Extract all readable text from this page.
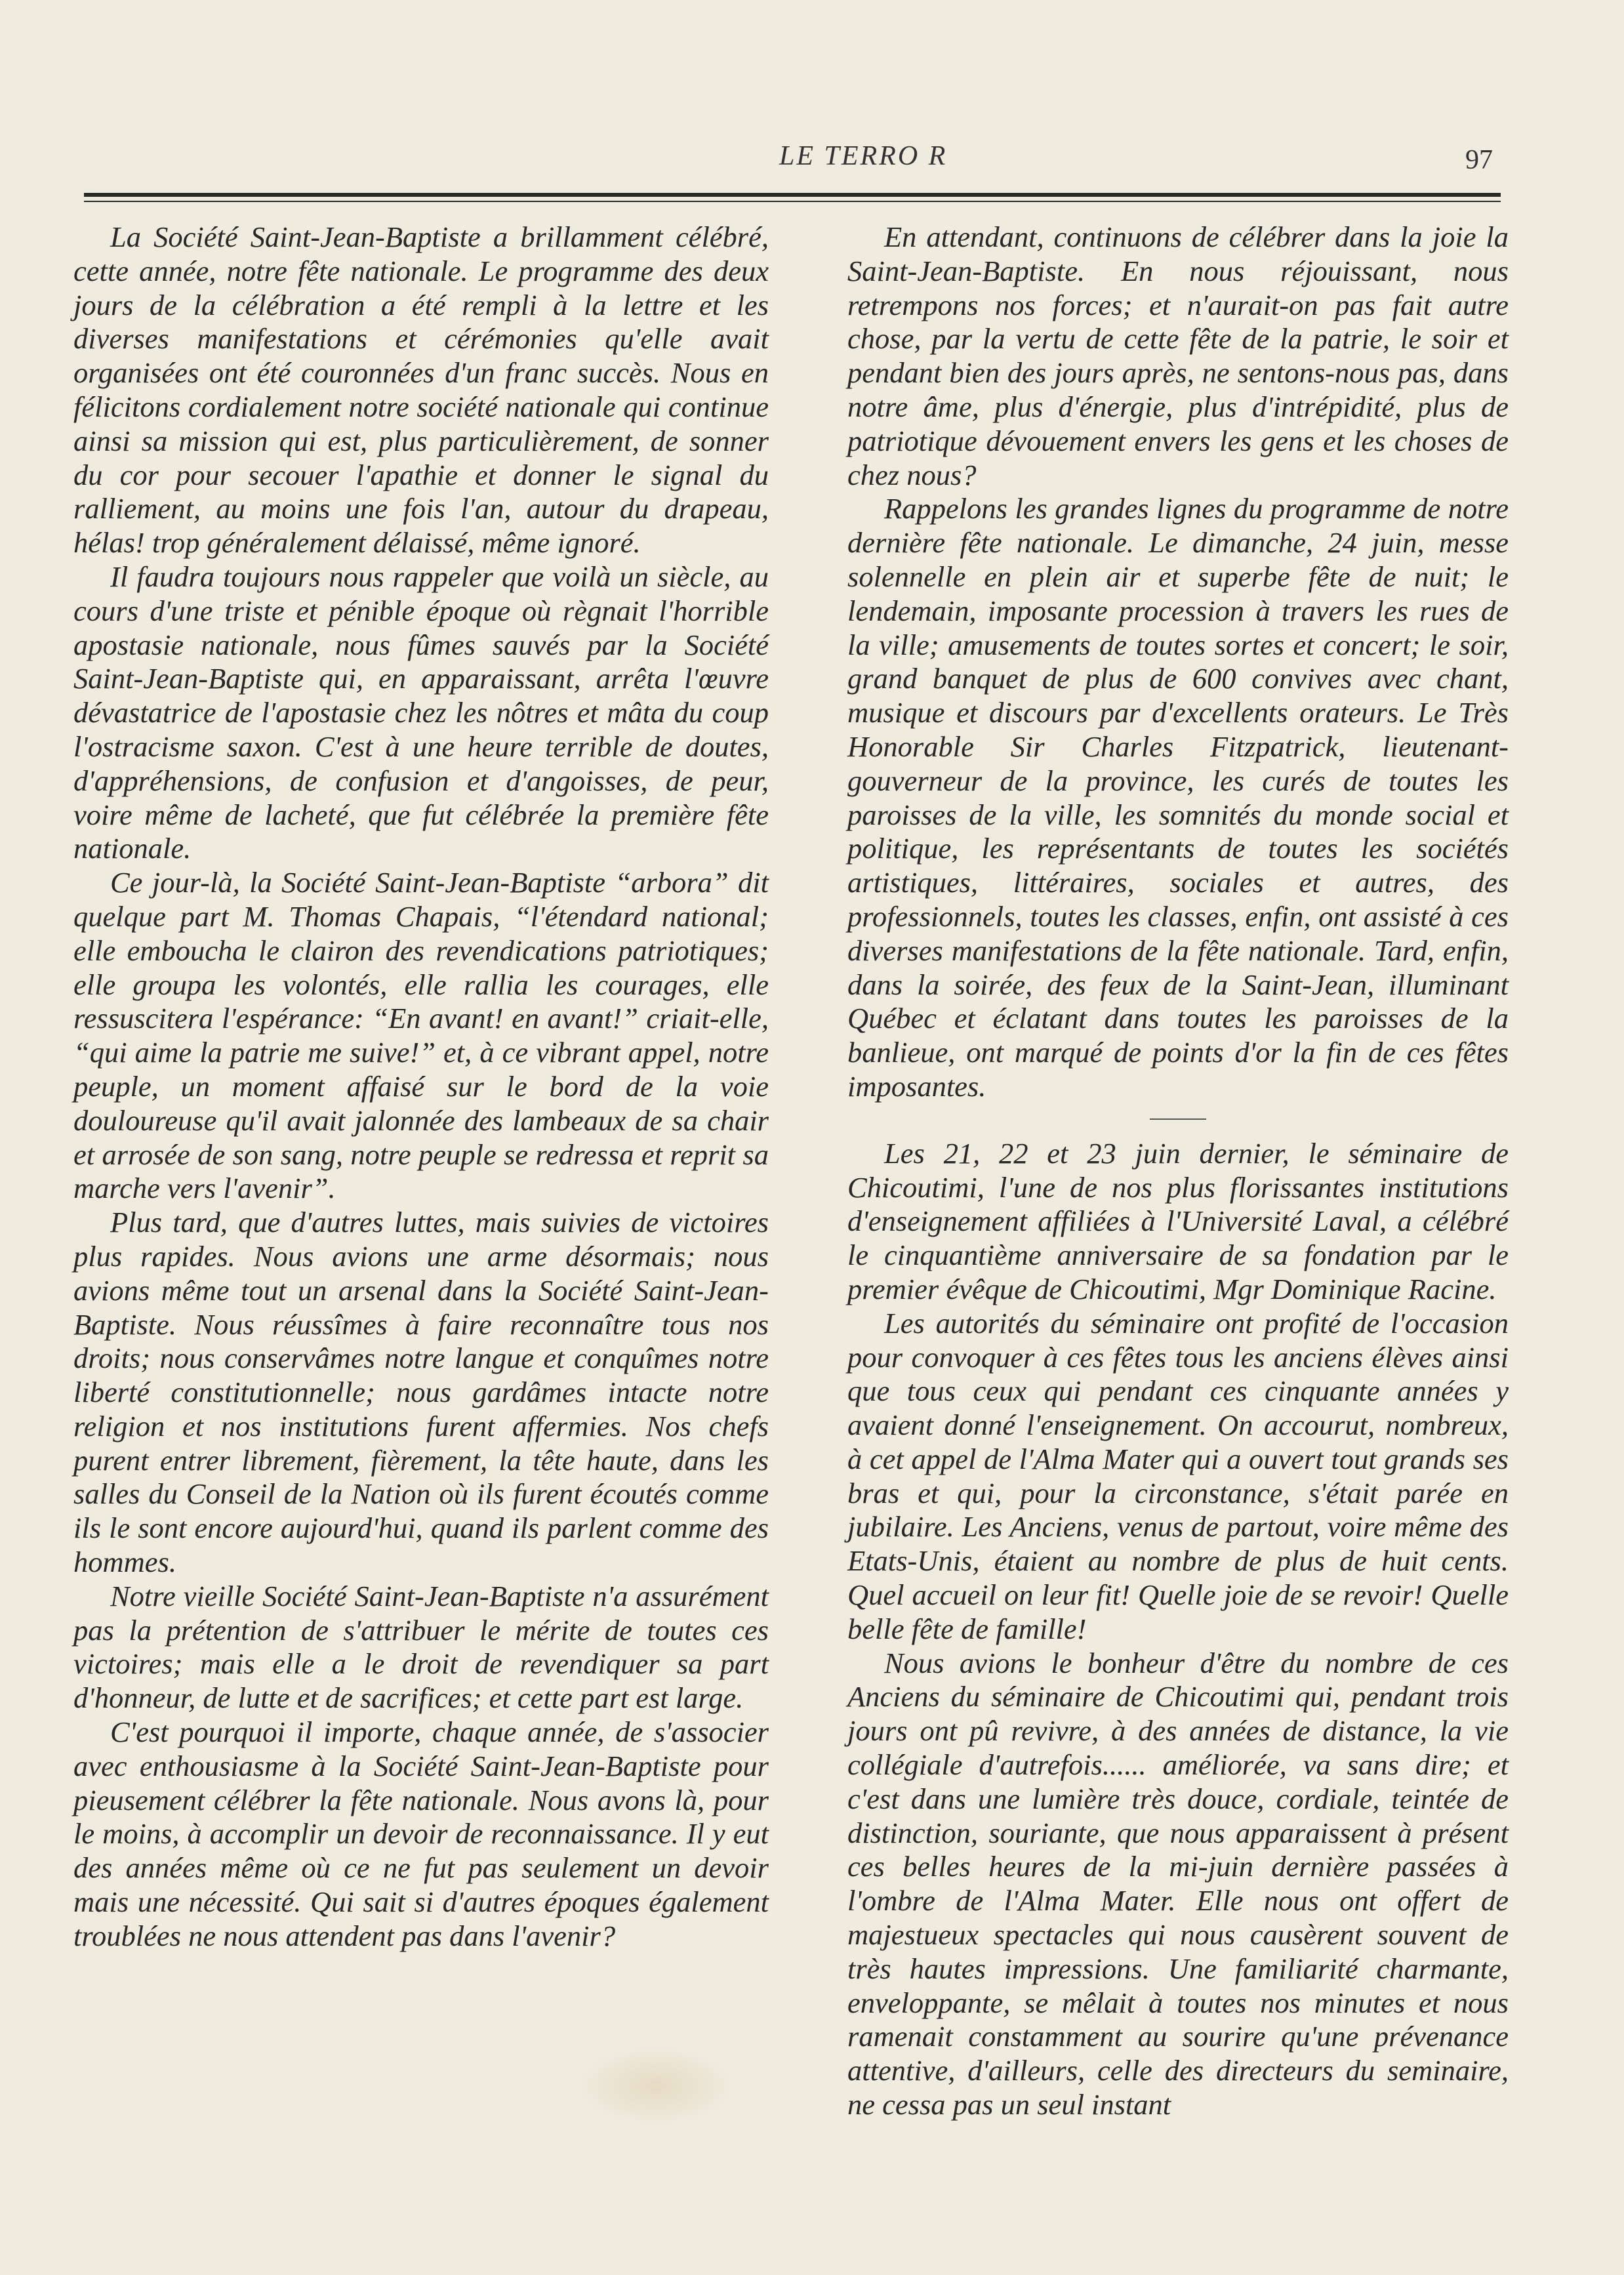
LE TERRO R	97

La Société Saint-Jean-Baptiste a brillamment célébré, cette année, notre fête nationale. Le programme des deux jours de la célébration a été rempli à la lettre et les diverses manifestations et cérémonies qu'elle avait organisées ont été couronnées d'un franc succès. Nous en félicitons cordialement notre société nationale qui continue ainsi sa mission qui est, plus particulièrement, de sonner du cor pour secouer l'apathie et donner le signal du ralliement, au moins une fois l'an, autour du drapeau, hélas! trop généralement délaissé, même ignoré.

Il faudra toujours nous rappeler que voilà un siècle, au cours d'une triste et pénible époque où règnait l'horrible apostasie nationale, nous fûmes sauvés par la Société Saint-Jean-Baptiste qui, en apparaissant, arrêta l'œuvre dévastatrice de l'apostasie chez les nôtres et mâta du coup l'ostracisme saxon. C'est à une heure terrible de doutes, d'appréhensions, de confusion et d'angoisses, de peur, voire même de lacheté, que fut célébrée la première fête nationale.

Ce jour-là, la Société Saint-Jean-Baptiste “arbora” dit quelque part M. Thomas Chapais, “l'étendard national; elle emboucha le clairon des revendications patriotiques; elle groupa les volontés, elle rallia les courages, elle ressuscitera l'espérance: “En avant! en avant!” criait-elle, “qui aime la patrie me suive!” et, à ce vibrant appel, notre peuple, un moment affaisé sur le bord de la voie douloureuse qu'il avait jalonnée des lambeaux de sa chair et arrosée de son sang, notre peuple se redressa et reprit sa marche vers l'avenir”.

Plus tard, que d'autres luttes, mais suivies de victoires plus rapides. Nous avions une arme désormais; nous avions même tout un arsenal dans la Société Saint-Jean-Baptiste. Nous réussîmes à faire reconnaître tous nos droits; nous conservâmes notre langue et conquîmes notre liberté constitutionnelle; nous gardâmes intacte notre religion et nos institutions furent affermies. Nos chefs purent entrer librement, fièrement, la tête haute, dans les salles du Conseil de la Nation où ils furent écoutés comme ils le sont encore aujourd'hui, quand ils parlent comme des hommes.

Notre vieille Société Saint-Jean-Baptiste n'a assurément pas la prétention de s'attribuer le mérite de toutes ces victoires; mais elle a le droit de revendiquer sa part d'honneur, de lutte et de sacrifices; et cette part est large.

C'est pourquoi il importe, chaque année, de s'associer avec enthousiasme à la Société Saint-Jean-Baptiste pour pieusement célébrer la fête nationale. Nous avons là, pour le moins, à accomplir un devoir de reconnaissance. Il y eut des années même où ce ne fut pas seulement un devoir mais une nécessité. Qui sait si d'autres époques également troublées ne nous attendent pas dans l'avenir?

En attendant, continuons de célébrer dans la joie la Saint-Jean-Baptiste. En nous réjouissant, nous retrempons nos forces; et n'aurait-on pas fait autre chose, par la vertu de cette fête de la patrie, le soir et pendant bien des jours après, ne sentons-nous pas, dans notre âme, plus d'énergie, plus d'intrépidité, plus de patriotique dévouement envers les gens et les choses de chez nous?

Rappelons les grandes lignes du programme de notre dernière fête nationale. Le dimanche, 24 juin, messe solennelle en plein air et superbe fête de nuit; le lendemain, imposante procession à travers les rues de la ville; amusements de toutes sortes et concert; le soir, grand banquet de plus de 600 convives avec chant, musique et discours par d'excellents orateurs. Le Très Honorable Sir Charles Fitzpatrick, lieutenant-gouverneur de la province, les curés de toutes les paroisses de la ville, les somnités du monde social et politique, les représentants de toutes les sociétés artistiques, littéraires, sociales et autres, des professionnels, toutes les classes, enfin, ont assisté à ces diverses manifestations de la fête nationale. Tard, enfin, dans la soirée, des feux de la Saint-Jean, illuminant Québec et éclatant dans toutes les paroisses de la banlieue, ont marqué de points d'or la fin de ces fêtes imposantes.

Les 21, 22 et 23 juin dernier, le séminaire de Chicoutimi, l'une de nos plus florissantes institutions d'enseignement affiliées à l'Université Laval, a célébré le cinquantième anniversaire de sa fondation par le premier évêque de Chicoutimi, Mgr Dominique Racine.

Les autorités du séminaire ont profité de l'occasion pour convoquer à ces fêtes tous les anciens élèves ainsi que tous ceux qui pendant ces cinquante années y avaient donné l'enseignement. On accourut, nombreux, à cet appel de l'Alma Mater qui a ouvert tout grands ses bras et qui, pour la circonstance, s'était parée en jubilaire. Les Anciens, venus de partout, voire même des Etats-Unis, étaient au nombre de plus de huit cents. Quel accueil on leur fit! Quelle joie de se revoir! Quelle belle fête de famille!

Nous avions le bonheur d'être du nombre de ces Anciens du séminaire de Chicoutimi qui, pendant trois jours ont pû revivre, à des années de distance, la vie collégiale d'autrefois...... améliorée, va sans dire; et c'est dans une lumière très douce, cordiale, teintée de distinction, souriante, que nous apparaissent à présent ces belles heures de la mi-juin dernière passées à l'ombre de l'Alma Mater. Elle nous ont offert de majestueux spectacles qui nous causèrent souvent de très hautes impressions. Une familiarité charmante, enveloppante, se mêlait à toutes nos minutes et nous ramenait constamment au sourire qu'une prévenance attentive, d'ailleurs, celle des directeurs du seminaire, ne cessa pas un seul instant
